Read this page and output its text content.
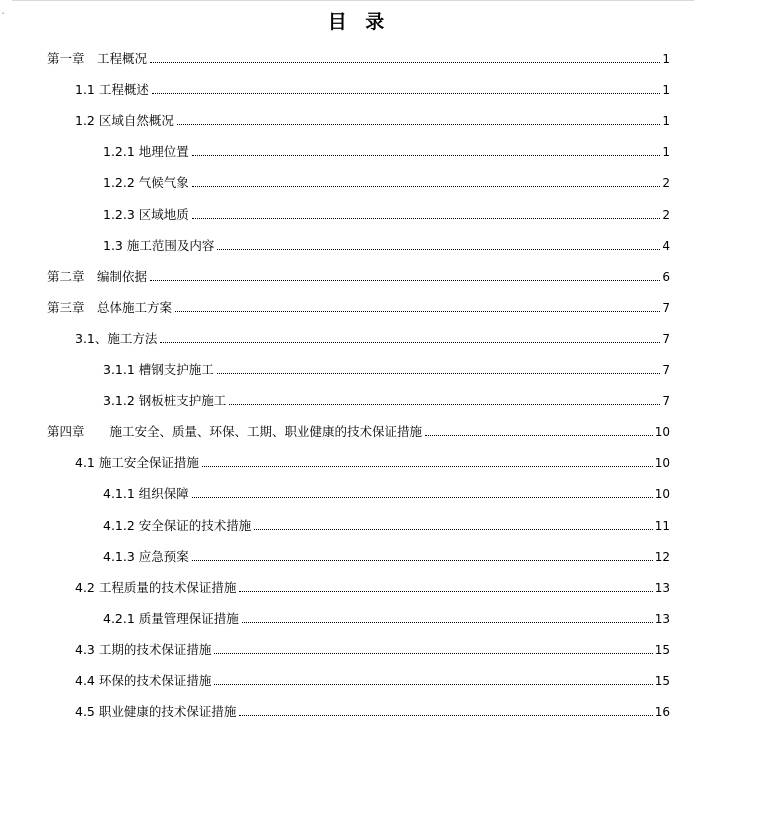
ˇ	目 录
第一章　工程概况	1
1.1 工程概述	1
1.2 区域自然概况	1
1.2.1 地理位置	1
1.2.2 气候气象	2
1.2.3 区域地质	2
1.3 施工范围及内容	4
第二章　编制依据	6
第三章　总体施工方案	7
3.1、施工方法	7
3.1.1 槽钢支护施工	7
3.1.2 钢板桩支护施工	7
第四章　　施工安全、质量、环保、工期、职业健康的技术保证措施	10
4.1 施工安全保证措施	10
4.1.1 组织保障	10
4.1.2 安全保证的技术措施	11
4.1.3 应急预案	12
4.2 工程质量的技术保证措施	13
4.2.1 质量管理保证措施	13
4.3 工期的技术保证措施	15
4.4 环保的技术保证措施	15
4.5 职业健康的技术保证措施	16
